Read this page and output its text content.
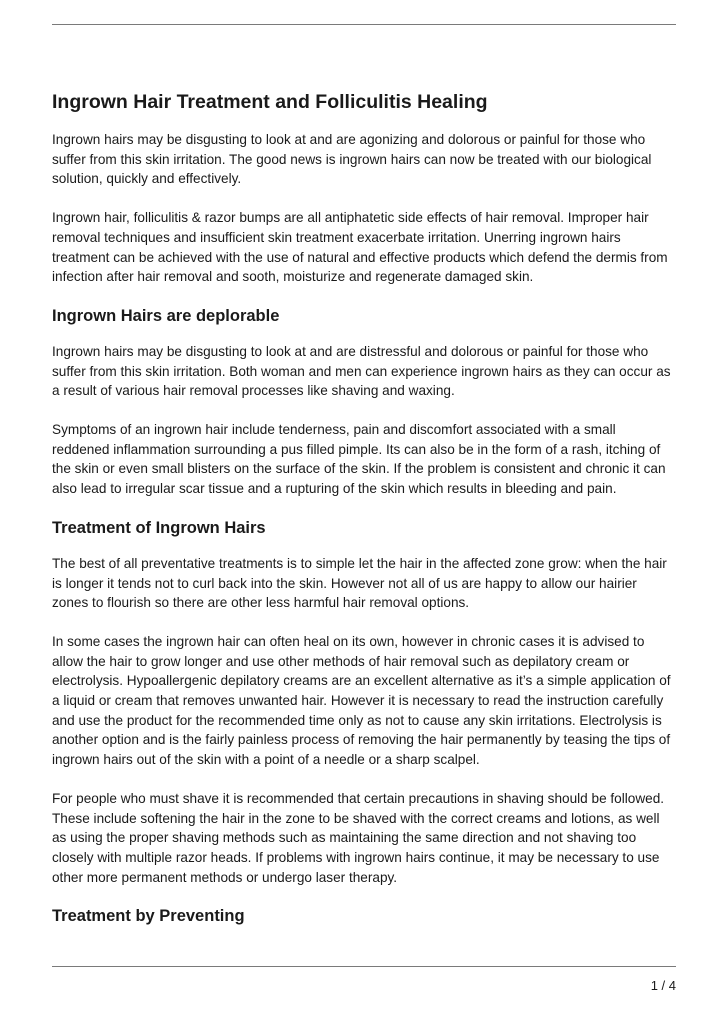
Ingrown Hair Treatment and Folliculitis Healing

Ingrown hairs may be disgusting to look at and are agonizing and dolorous or painful for those who suffer from this skin irritation. The good news is ingrown hairs can now be treated with our biological solution, quickly and effectively.

Ingrown hair, folliculitis & razor bumps are all antiphatetic side effects of hair removal. Improper hair removal techniques and insufficient skin treatment exacerbate irritation. Unerring ingrown hairs treatment can be achieved with the use of natural and effective products which defend the dermis from infection after hair removal and sooth, moisturize and regenerate damaged skin.

Ingrown Hairs are deplorable

Ingrown hairs may be disgusting to look at and are distressful and dolorous or painful for those who suffer from this skin irritation. Both woman and men can experience ingrown hairs as they can occur as a result of various hair removal processes like shaving and waxing.

Symptoms of an ingrown hair include tenderness, pain and discomfort associated with a small reddened inflammation surrounding a pus filled pimple. Its can also be in the form of a rash, itching of the skin or even small blisters on the surface of the skin. If the problem is consistent and chronic it can also lead to irregular scar tissue and a rupturing of the skin which results in bleeding and pain.

Treatment of Ingrown Hairs

The best of all preventative treatments is to simple let the hair in the affected zone grow: when the hair is longer it tends not to curl back into the skin. However not all of us are happy to allow our hairier zones to flourish so there are other less harmful hair removal options.

In some cases the ingrown hair can often heal on its own, however in chronic cases it is advised to allow the hair to grow longer and use other methods of hair removal such as depilatory cream or electrolysis. Hypoallergenic depilatory creams are an excellent alternative as it’s a simple application of a liquid or cream that removes unwanted hair. However it is necessary to read the instruction carefully and use the product for the recommended time only as not to cause any skin irritations. Electrolysis is another option and is the fairly painless process of removing the hair permanently by teasing the tips of ingrown hairs out of the skin with a point of a needle or a sharp scalpel.

For people who must shave it is recommended that certain precautions in shaving should be followed. These include softening the hair in the zone to be shaved with the correct creams and lotions, as well as using the proper shaving methods such as maintaining the same direction and not shaving too closely with multiple razor heads. If problems with ingrown hairs continue, it may be necessary to use other more permanent methods or undergo laser therapy.

Treatment by Preventing
1 / 4
